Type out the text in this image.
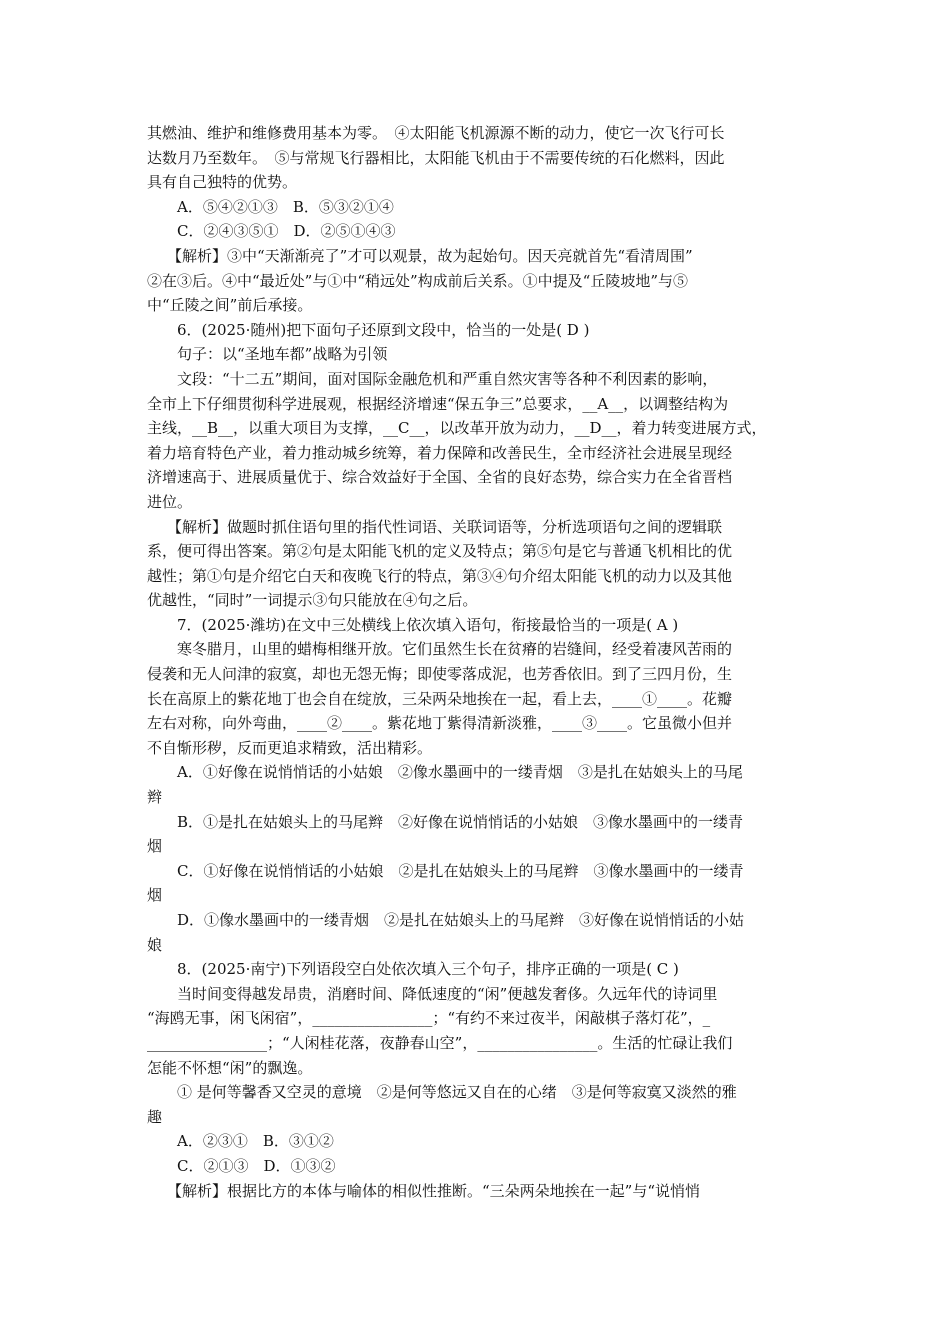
其燃油、维护和维修费用基本为零。　④太阳能飞机源源不断的动力，使它一次飞行可长
达数月乃至数年。　⑤与常规飞行器相比，太阳能飞机由于不需要传统的石化燃料，因此
具有自己独特的优势。
A．⑤④②①③　B．⑤③②①④
C．②④③⑤①　D．②⑤①④③
【解析】③中“天渐渐亮了”才可以观景，故为起始句。因天亮就首先“看清周围”
②在③后。④中“最近处”与①中“稍远处”构成前后关系。①中提及“丘陵坡地”与⑤
中“丘陵之间”前后承接。
6．(2025·随州)把下面句子还原到文段中，恰当的一处是( D )
句子：以“圣地车都”战略为引领
文段：“十二五”期间，面对国际金融危机和严重自然灾害等各种不利因素的影响，
全市上下仔细贯彻科学进展观，根据经济增速“保五争三”总要求，__A__，以调整结构为
主线，__B__，以重大项目为支撑，__C__，以改革开放为动力，__D__，着力转变进展方式，
着力培育特色产业，着力推动城乡统筹，着力保障和改善民生，全市经济社会进展呈现经
济增速高于、进展质量优于、综合效益好于全国、全省的良好态势，综合实力在全省晋档
进位。
【解析】做题时抓住语句里的指代性词语、关联词语等，分析选项语句之间的逻辑联
系，便可得出答案。第②句是太阳能飞机的定义及特点；第⑤句是它与普通飞机相比的优
越性；第①句是介绍它白天和夜晚飞行的特点，第③④句介绍太阳能飞机的动力以及其他
优越性，“同时”一词提示③句只能放在④句之后。
7．(2025·潍坊)在文中三处横线上依次填入语句，衔接最恰当的一项是( A )
寒冬腊月，山里的蜡梅相继开放。它们虽然生长在贫瘠的岩缝间，经受着凄风苦雨的
侵袭和无人问津的寂寞，却也无怨无悔；即使零落成泥，也芳香依旧。到了三四月份，生
长在高原上的紫花地丁也会自在绽放，三朵两朵地挨在一起，看上去，____①____。花瓣
左右对称，向外弯曲，____②____。紫花地丁紫得清新淡雅，____③____。它虽微小但并
不自惭形秽，反而更追求精致，活出精彩。
A．①好像在说悄悄话的小姑娘　②像水墨画中的一缕青烟　③是扎在姑娘头上的马尾
辫
B．①是扎在姑娘头上的马尾辫　②好像在说悄悄话的小姑娘　③像水墨画中的一缕青
烟
C．①好像在说悄悄话的小姑娘　②是扎在姑娘头上的马尾辫　③像水墨画中的一缕青
烟
D．①像水墨画中的一缕青烟　②是扎在姑娘头上的马尾辫　③好像在说悄悄话的小姑
娘
8．(2025·南宁)下列语段空白处依次填入三个句子，排序正确的一项是( C )
当时间变得越发昂贵，消磨时间、降低速度的“闲”便越发奢侈。久远年代的诗词里
“海鸥无事，闲飞闲宿”，________________；“有约不来过夜半，闲敲棋子落灯花”，_
________________；“人闲桂花落，夜静春山空”，________________。生活的忙碌让我们
怎能不怀想“闲”的飘逸。
① 是何等馨香又空灵的意境　②是何等悠远又自在的心绪　③是何等寂寞又淡然的雅
趣
A．②③①　B．③①②
C．②①③　D．①③②
【解析】根据比方的本体与喻体的相似性推断。“三朵两朵地挨在一起”与“说悄悄
